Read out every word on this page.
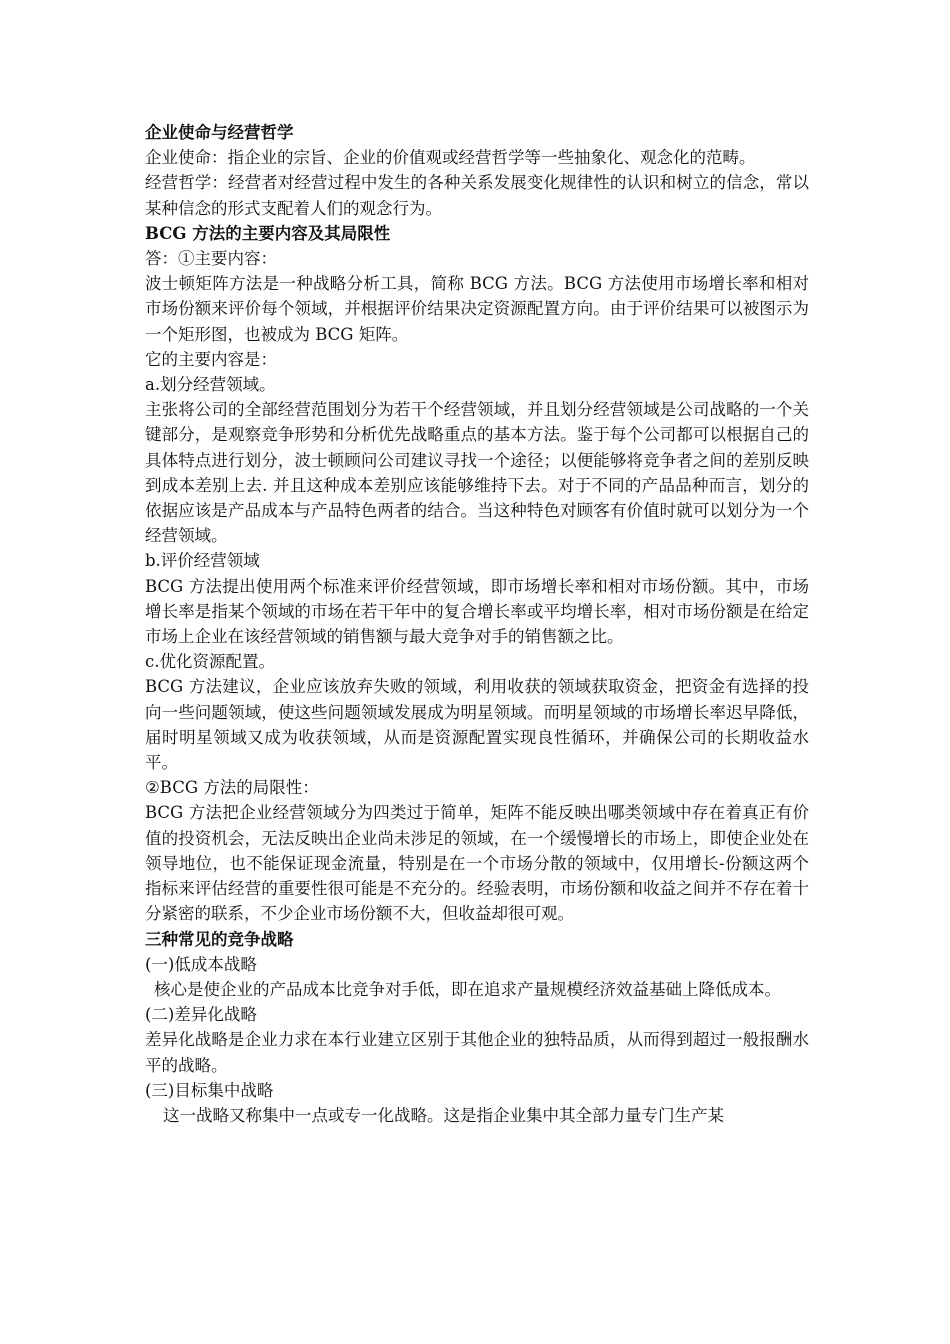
企业使命与经营哲学

企业使命：指企业的宗旨、企业的价值观或经营哲学等一些抽象化、观念化的范畴。

经营哲学：经营者对经营过程中发生的各种关系发展变化规律性的认识和树立的信念，常以某种信念的形式支配着人们的观念行为。

BCG 方法的主要内容及其局限性

答：①主要内容：

波士顿矩阵方法是一种战略分析工具，简称 BCG 方法。BCG 方法使用市场增长率和相对市场份额来评价每个领域，并根据评价结果决定资源配置方向。由于评价结果可以被图示为一个矩形图，也被成为 BCG 矩阵。

它的主要内容是：

a.划分经营领域。

主张将公司的全部经营范围划分为若干个经营领域，并且划分经营领域是公司战略的一个关键部分，是观察竞争形势和分析优先战略重点的基本方法。鉴于每个公司都可以根据自己的具体特点进行划分，波士顿顾问公司建议寻找一个途径；以便能够将竞争者之间的差别反映到成本差别上去. 并且这种成本差别应该能够维持下去。对于不同的产品品种而言，划分的依据应该是产品成本与产品特色两者的结合。当这种特色对顾客有价值时就可以划分为一个经营领域。

b.评价经营领域

BCG 方法提出使用两个标准来评价经营领域，即市场增长率和相对市场份额。其中，市场增长率是指某个领域的市场在若干年中的复合增长率或平均增长率，相对市场份额是在给定市场上企业在该经营领域的销售额与最大竞争对手的销售额之比。

c.优化资源配置。

BCG 方法建议，企业应该放弃失败的领域，利用收获的领域获取资金，把资金有选择的投向一些问题领域，使这些问题领域发展成为明星领域。而明星领域的市场增长率迟早降低，届时明星领域又成为收获领域，从而是资源配置实现良性循环，并确保公司的长期收益水平。

②BCG 方法的局限性：

BCG 方法把企业经营领域分为四类过于简单，矩阵不能反映出哪类领域中存在着真正有价值的投资机会，无法反映出企业尚未涉足的领域，在一个缓慢增长的市场上，即使企业处在领导地位，也不能保证现金流量，特别是在一个市场分散的领域中，仅用增长-份额这两个指标来评估经营的重要性很可能是不充分的。经验表明，市场份额和收益之间并不存在着十分紧密的联系，不少企业市场份额不大，但收益却很可观。

三种常见的竞争战略

(一)低成本战略

核心是使企业的产品成本比竞争对手低，即在追求产量规模经济效益基础上降低成本。

(二)差异化战略

差异化战略是企业力求在本行业建立区别于其他企业的独特品质，从而得到超过一般报酬水平的战略。

(三)目标集中战略

这一战略又称集中一点或专一化战略。这是指企业集中其全部力量专门生产某
